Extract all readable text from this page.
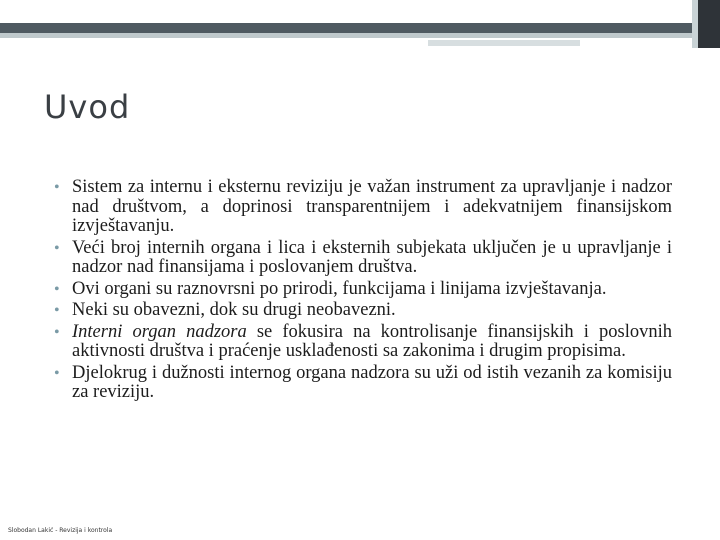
Uvod
• Sistem za internu i eksternu reviziju je važan instrument za upravljanje i nadzor nad društvom, a doprinosi transparentnijem i adekvatnijem finansijskom izvještavanju.
• Veći broj internih organa i lica i eksternih subjekata uključen je u upravljanje i nadzor nad finansijama i poslovanjem društva.
• Ovi organi su raznovrsni po prirodi, funkcijama i linijama izvještavanja.
• Neki su obavezni, dok su drugi neobavezni.
• Interni organ nadzora se fokusira na kontrolisanje finansijskih i poslovnih aktivnosti društva i praćenje usklađenosti sa zakonima i drugim propisima.
• Djelokrug i dužnosti internog organa nadzora su uži od istih vezanih za komisiju za reviziju.
Slobodan Lakić - Revizija i kontrola
